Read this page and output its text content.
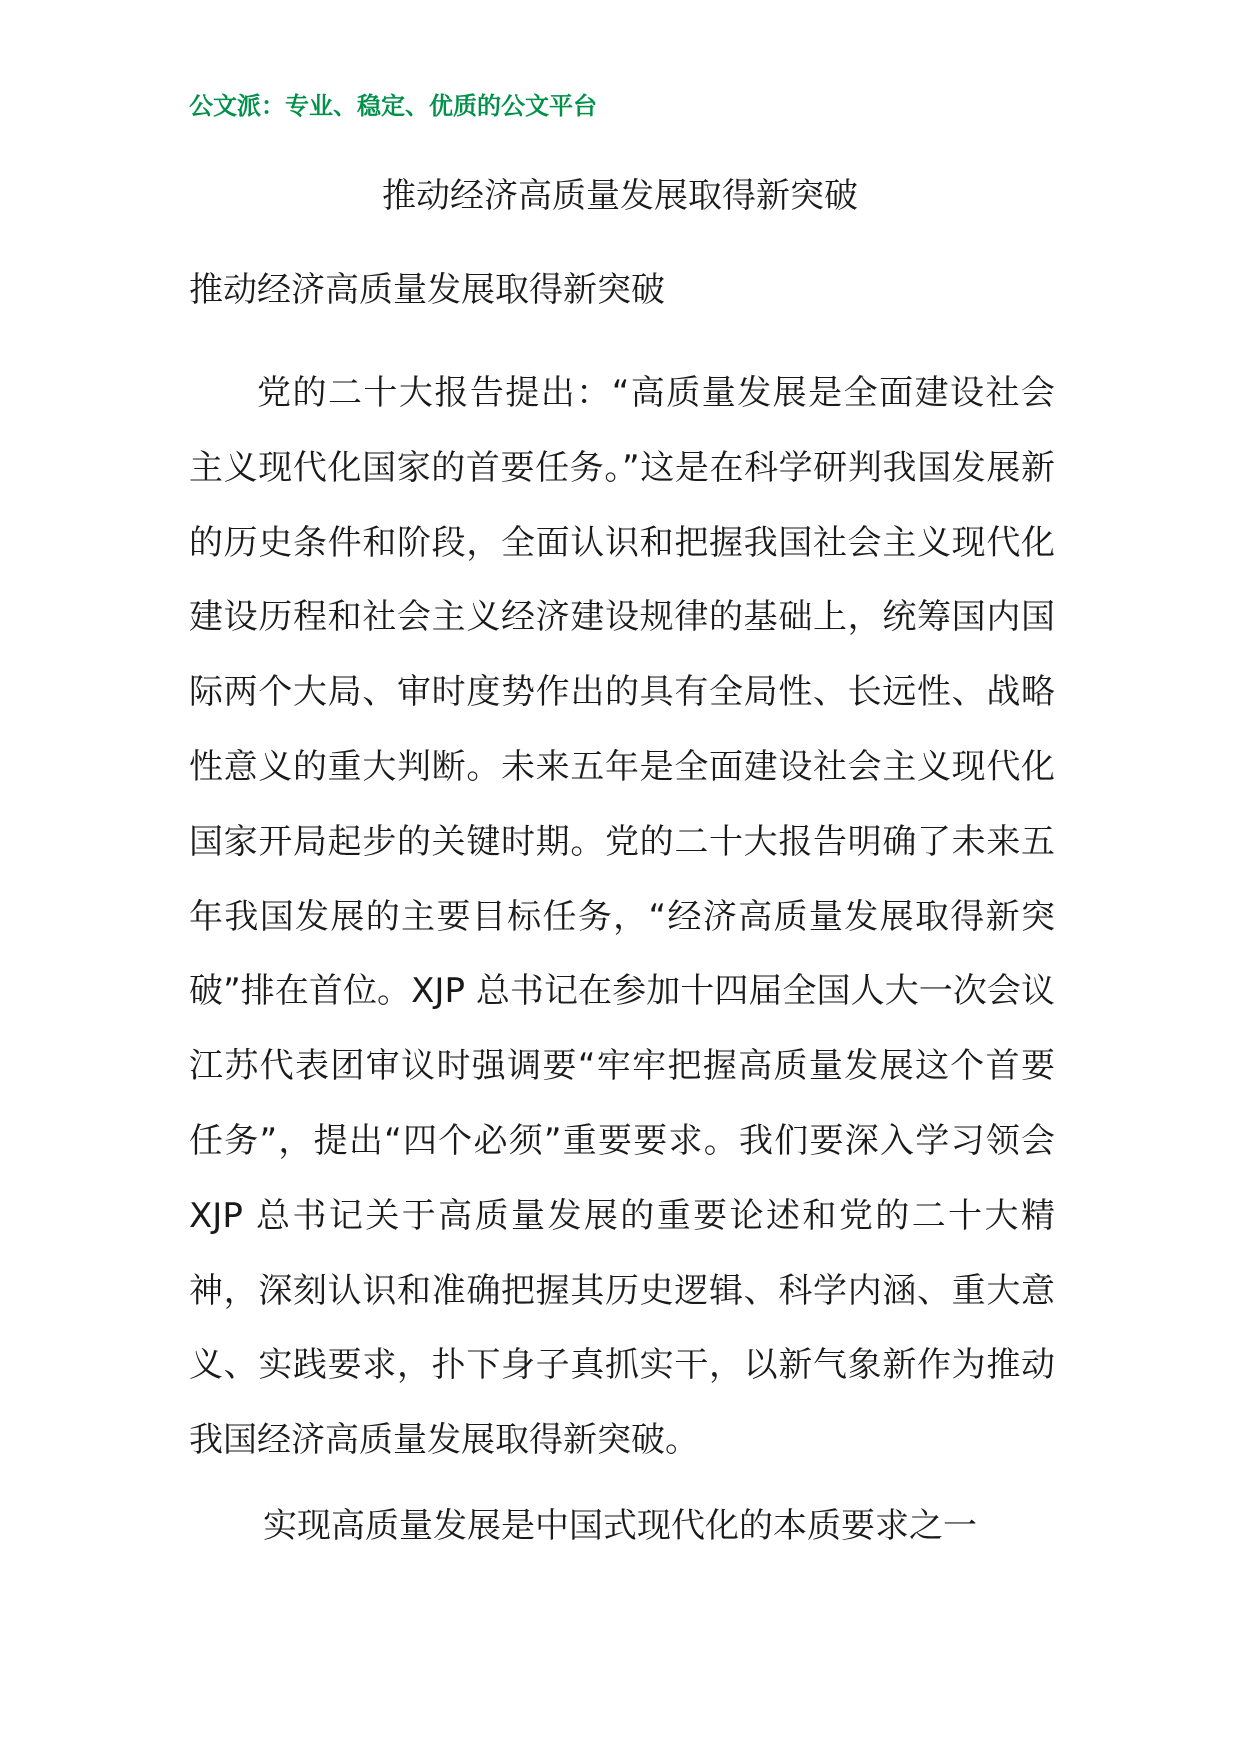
公文派：专业、稳定、优质的公文平台
推动经济高质量发展取得新突破
推动经济高质量发展取得新突破

党的二十大报告提出：“高质量发展是全面建设社会主义现代化国家的首要任务。”这是在科学研判我国发展新的历史条件和阶段，全面认识和把握我国社会主义现代化建设历程和社会主义经济建设规律的基础上，统筹国内国际两个大局、审时度势作出的具有全局性、长远性、战略性意义的重大判断。未来五年是全面建设社会主义现代化国家开局起步的关键时期。党的二十大报告明确了未来五年我国发展的主要目标任务，“经济高质量发展取得新突破”排在首位。XJP 总书记在参加十四届全国人大一次会议江苏代表团审议时强调要“牢牢把握高质量发展这个首要任务”，提出“四个必须”重要要求。我们要深入学习领会 XJP 总书记关于高质量发展的重要论述和党的二十大精神，深刻认识和准确把握其历史逻辑、科学内涵、重大意义、实践要求，扑下身子真抓实干，以新气象新作为推动我国经济高质量发展取得新突破。

实现高质量发展是中国式现代化的本质要求之一
